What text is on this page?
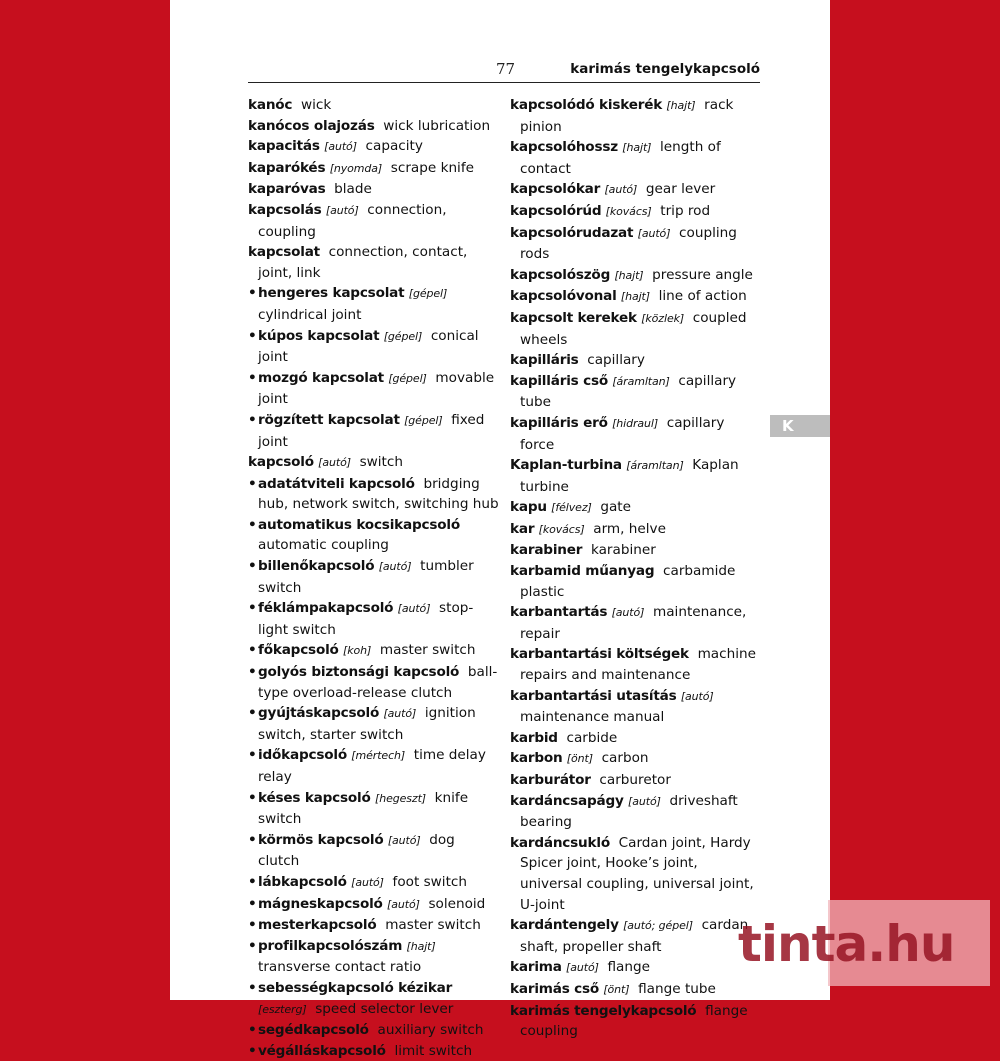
77	karimás tengelykapcsoló
kanóc wick
kanócos olajozás wick lubrication
kapacitás [autó] capacity
kaparókés [nyomda] scrape knife
kaparóvas blade
kapcsolás [autó] connection, coupling
kapcsolat connection, contact, joint, link
• hengeres kapcsolat [gépel]  cylindrical joint
• kúpos kapcsolat [gépel] conical joint
• mozgó kapcsolat [gépel] movable joint
• rögzített kapcsolat [gépel] fixed joint
kapcsoló [autó] switch
• adatátviteli kapcsoló bridging hub, network switch, switching hub
• automatikus kocsikapcsoló  automatic coupling
• billenőkapcsoló [autó] tumbler switch
• féklámpakapcsoló [autó] stop-light switch
• főkapcsoló [koh] master switch
• golyós biztonsági kapcsoló ball-type overload-release clutch
• gyújtáskapcsoló [autó] ignition switch, starter switch
• időkapcsoló [mértech] time delay relay
• késes kapcsoló [hegeszt] knife switch
• körmös kapcsoló [autó] dog clutch
• lábkapcsoló [autó] foot switch
• mágneskapcsoló [autó] solenoid
• mesterkapcsoló master switch
• profilkapcsolószám [hajt]  transverse contact ratio
• sebességkapcsoló kézikar [eszterg] speed selector lever
• segédkapcsoló auxiliary switch
• végálláskapcsoló limit switch
kapcsolódó kiskerék [hajt] rack pinion
kapcsolóhossz [hajt] length of contact
kapcsolókar [autó] gear lever
kapcsolórúd [kovács] trip rod
kapcsolórudazat [autó] coupling rods
kapcsolószög [hajt] pressure angle
kapcsolóvonal [hajt] line of action
kapcsolt kerekek [közlek] coupled wheels
kapilláris capillary
kapilláris cső [áramltan] capillary tube
kapilláris erő [hidraul] capillary force
Kaplan-turbina [áramltan] Kaplan turbine
kapu [félvez] gate
kar [kovács] arm, helve
karabiner karabiner
karbamid műanyag carbamide plastic
karbantartás [autó] maintenance, repair
karbantartási költségek machine repairs and maintenance
karbantartási utasítás [autó]  maintenance manual
karbid carbide
karbon [önt] carbon
karburátor carburetor
kardáncsapágy [autó] driveshaft bearing
kardáncsukló Cardan joint, Hardy Spicer joint, Hooke’s joint, universal coupling, universal joint, U-joint
kardántengely [autó; gépel] cardan shaft, propeller shaft
karima [autó] flange
karimás cső [önt] flange tube
karimás tengelykapcsoló flange coupling
K
tinta.hu
